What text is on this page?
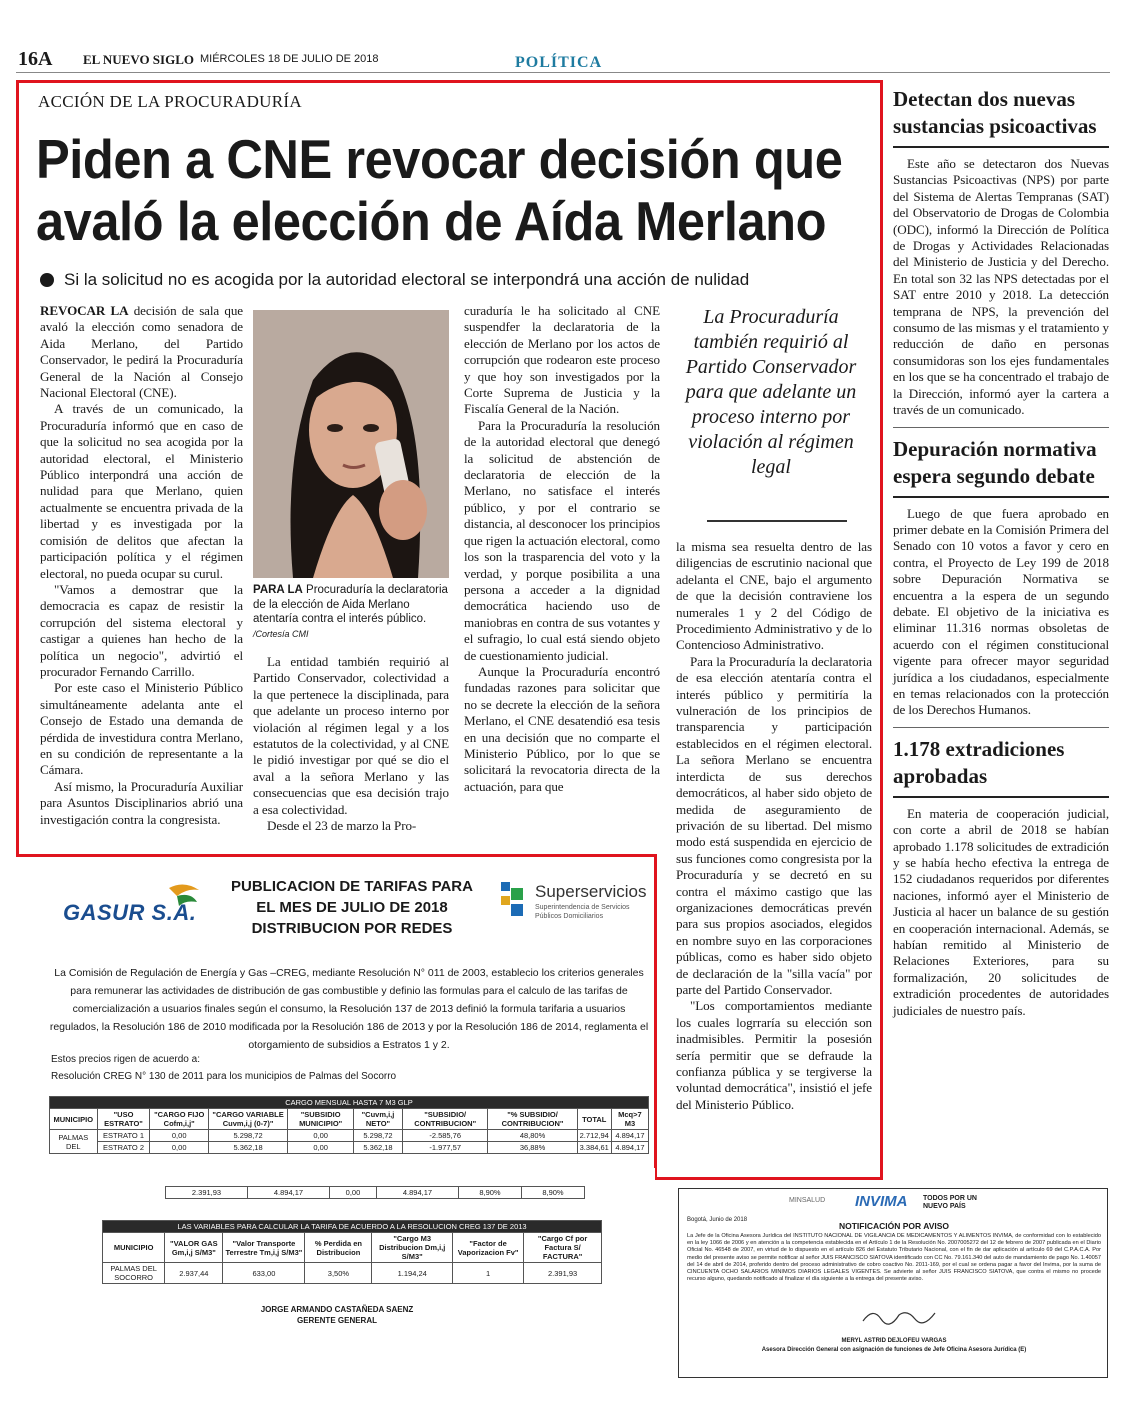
16A EL NUEVO SIGLO MIÉRCOLES 18 DE JULIO DE 2018	POLÍTICA
ACCIÓN DE LA PROCURADURÍA
Piden a CNE revocar decisión que
avaló la elección de Aída Merlano
Si la solicitud no es acogida por la autoridad electoral se interpondrá una acción de nulidad

REVOCAR LA decisión de sala que avaló la elección como senadora de Aida Merlano, del Partido Conservador, le pedirá la Procuraduría General de la Nación al Consejo Nacional Electoral (CNE).

A través de un comunicado, la Procuraduría informó que en caso de que la solicitud no sea acogida por la autoridad electoral, el Ministerio Público interpondrá una acción de nulidad para que Merlano, quien actualmente se encuentra privada de la libertad y es investigada por la comisión de delitos que afectan la participación política y el régimen electoral, no pueda ocupar su curul.

"Vamos a demostrar que la democracia es capaz de resistir la corrupción del sistema electoral y castigar a quienes han hecho de la política un negocio", advirtió el procurador Fernando Carrillo.

Por este caso el Ministerio Público simultáneamente adelanta ante el Consejo de Estado una demanda de pérdida de investidura contra Merlano, en su condición de representante a la Cámara.

Así mismo, la Procuraduría Auxiliar para Asuntos Disciplinarios abrió una investigación contra la congresista.

PARA LA Procuraduría la declaratoria de la elección de Aida Merlano atentaría contra el interés público. /Cortesía CMI

La entidad también requirió al Partido Conservador, colectividad a la que pertenece la disciplinada, para que adelante un proceso interno por violación al régimen legal y a los estatutos de la colectividad, y al CNE le pidió investigar por qué se dio el aval a la señora Merlano y las consecuencias que esa decisión trajo a esa colectividad.

Desde el 23 de marzo la Pro-

curaduría le ha solicitado al CNE suspendfer la declaratoria de la elección de Merlano por los actos de corrupción que rodearon este proceso y que hoy son investigados por la Corte Suprema de Justicia y la Fiscalía General de la Nación.

Para la Procuraduría la resolución de la autoridad electoral que denegó la solicitud de abstención de declaratoria de elección de la Merlano, no satisface el interés público, y por el contrario se distancia, al desconocer los principios que rigen la actuación electoral, como los son la trasparencia del voto y la verdad, y porque posibilita a una persona a acceder a la dignidad democrática haciendo uso de maniobras en contra de sus votantes y el sufragio, lo cual está siendo objeto de cuestionamiento judicial.

Aunque la Procuraduría encontró fundadas razones para solicitar que no se decrete la elección de la señora Merlano, el CNE desatendió esa tesis en una decisión que no comparte el Ministerio Público, por lo que se solicitará la revocatoria directa de la actuación, para que

La Procuraduría también requirió al Partido Conservador para que adelante un proceso interno por violación al régimen legal

la misma sea resuelta dentro de las diligencias de escrutinio nacional que adelanta el CNE, bajo el argumento de que la decisión contraviene los numerales 1 y 2 del Código de Procedimiento Administrativo y de lo Contencioso Administrativo.

Para la Procuraduría la declaratoria de esa elección atentaría contra el interés público y permitiría la vulneración de los principios de transparencia y participación establecidos en el régimen electoral. La señora Merlano se encuentra interdicta de sus derechos democráticos, al haber sido objeto de medida de aseguramiento de privación de su libertad. Del mismo modo está suspendida en ejercicio de sus funciones como congresista por la Procuraduría y se decretó en su contra el máximo castigo que las organizaciones democráticas prevén para sus propios asociados, elegidos en nombre suyo en las corporaciones públicas, como es haber sido objeto de declaración de la "silla vacía" por parte del Partido Conservador.

"Los comportamientos mediante los cuales logrraría su elección son inadmisibles. Permitir la posesión sería permitir que se defraude la confianza pública y se tergiverse la voluntad democrática", insistió el jefe del Ministerio Público.

Detectan dos nuevas sustancias psicoactivas

Este año se detectaron dos Nuevas Sustancias Psicoactivas (NPS) por parte del Sistema de Alertas Tempranas (SAT) del Observatorio de Drogas de Colombia (ODC), informó la Dirección de Política de Drogas y Actividades Relacionadas del Ministerio de Justicia y del Derecho. En total son 32 las NPS detectadas por el SAT entre 2010 y 2018. La detección temprana de NPS, la prevención del consumo de las mismas y el tratamiento y reducción de daño en personas consumidoras son los ejes fundamentales en los que se ha concentrado el trabajo de la Dirección, informó ayer la cartera a través de un comunicado.

Depuración normativa espera segundo debate

Luego de que fuera aprobado en primer debate en la Comisión Primera del Senado con 10 votos a favor y cero en contra, el Proyecto de Ley 199 de 2018 sobre Depuración Normativa se encuentra a la espera de un segundo debate. El objetivo de la iniciativa es eliminar 11.316 normas obsoletas de acuerdo con el régimen constitucional vigente para ofrecer mayor seguridad jurídica a los ciudadanos, especialmente en temas relacionados con la protección de los Derechos Humanos.

1.178 extradiciones aprobadas

En materia de cooperación judicial, con corte a abril de 2018 se habían aprobado 1.178 solicitudes de extradición y se había hecho efectiva la entrega de 152 ciudadanos requeridos por diferentes naciones, informó ayer el Ministerio de Justicia al hacer un balance de su gestión en cooperación internacional. Además, se habían remitido al Ministerio de Relaciones Exteriores, para su formalización, 20 solicitudes de extradición procedentes de autoridades judiciales de nuestro país.

GASUR S.A.
PUBLICACION DE TARIFAS PARA
EL MES DE JULIO DE 2018
DISTRIBUCION POR REDES
Superservicios
Superintendencia de Servicios
Públicos Domiciliarios

La Comisión de Regulación de Energía y Gas –CREG, mediante Resolución N° 011 de 2003, establecio los criterios generales para remunerar las actividades de distribución de gas combustible y definio las formulas para el calculo de las tarifas de comercialización a usuarios finales según el consumo, la Resolución 137 de 2013 definió la formula tarifaria a usuarios regulados, la Resolución 186 de 2010 modificada por la Resolución 186 de 2013 y por la Resolución 186 de 2014, reglamenta el otorgamiento de subsidios a Estratos 1 y 2.

Estos precios rigen de acuerdo a:
Resolución CREG N° 130 de 2011 para los municipios de Palmas del Socorro
CARGO MENSUAL HASTA 7 M3 GLP									
MUNICIPIO	"USO ESTRATO"	"CARGO FIJO Cofm,i,j"	"CARGO VARIABLE Cuvm,i,j (0-7)"	"SUBSIDIO MUNICIPIO"	"Cuvm,i,j NETO"	"SUBSIDIO/ CONTRIBUCION"	"% SUBSIDIO/ CONTRIBUCION"	TOTAL	Mcq>7 M3
PALMAS DEL	ESTRATO 1	0,00	5.298,72	0,00	5.298,72	-2.585,76	48,80%	2.712,94	4.894,17
	ESTRATO 2	0,00	5.362,18	0,00	5.362,18	-1.977,57	36,88%	3.384,61	4.894,17
2.391,93	4.894,17	0,00	4.894,17	8,90%	8,90%
LAS VARIABLES PARA CALCULAR LA TARIFA DE ACUERDO A LA RESOLUCION CREG 137 DE 2013						
MUNICIPIO	"VALOR GAS Gm,i,j S/M3"	"Valor Transporte Terrestre Tm,i,j S/M3"	% Perdida en Distribucion	"Cargo M3 Distribucion Dm,i,j S/M3"	"Factor de Vaporizacion Fv"	"Cargo Cf por Factura S/ FACTURA"
PALMAS DEL SOCORRO	2.937,44	633,00	3,50%	1.194,24	1	2.391,93
JORGE ARMANDO CASTAÑEDA SAENZ
GERENTE GENERAL
MINSALUD INVIMA TODOS POR UN NUEVO PAÍS
Bogotá, Junio de 2018
NOTIFICACIÓN POR AVISO

La Jefe de la Oficina Asesora Jurídica del INSTITUTO NACIONAL DE VIGILANCIA DE MEDICAMENTOS Y ALIMENTOS INVIMA, de conformidad con lo establecido en la ley 1066 de 2006 y en atención a la competencia establecida en el Artículo 1 de la Resolución No. 2007005272 del 12 de febrero de 2007 publicada en el Diario Oficial No. 46548 de 2007, en virtud de lo dispuesto en el artículo 826 del Estatuto Tributario Nacional, con el fin de dar aplicación al artículo 69 del C.P.A.C.A. Por medio del presente aviso se permite notificar al señor JUIS FRANCISCO SIATOVA identificado con CC No. 79.161.340 del auto de mandamiento de pago No. 1.40057 del 14 de abril de 2014, proferido dentro del proceso administrativo de cobro coactivo No. 2011-169, por el cual se ordena pagar a favor del Invima, por la suma de CINCUENTA OCHO SALARIOS MINIMOS DIARIOS LEGALES VIGENTES. Se advierte al señor JUIS FRANCISCO SIATOVA, que contra el mismo no procede recurso alguno, quedando notificado al finalizar el día siguiente a la entrega del presente aviso.

MERYL ASTRID DEJLOFEU VARGAS
Asesora Dirección General con asignación de funciones de Jefe Oficina Asesora Jurídica (E)
